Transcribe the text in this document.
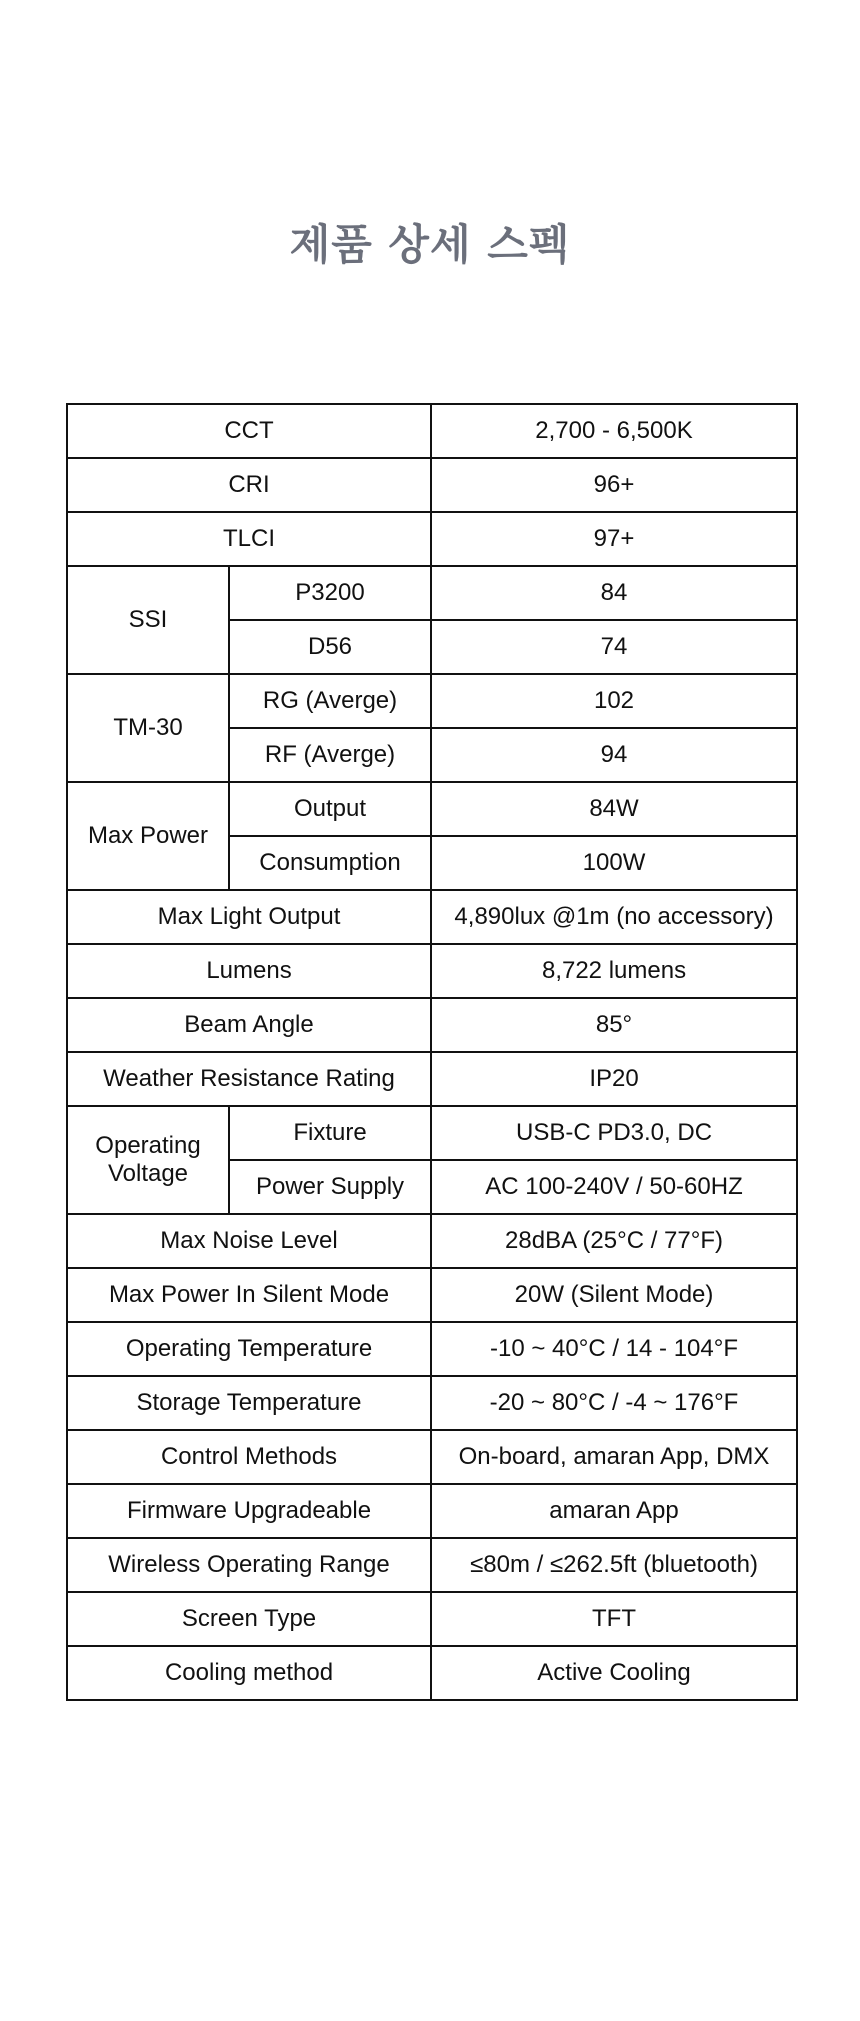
제품 상세 스펙
CCT		2,700 - 6,500K
CRI		96+
TLCI		97+
SSI	P3200	84
	D56	74
TM-30	RG (Averge)	102
	RF (Averge)	94
Max Power	Output	84W
	Consumption	100W
Max Light Output		4,890lux @1m (no accessory)
Lumens		8,722 lumens
Beam Angle		85°
Weather Resistance Rating		IP20
Operating Voltage	Fixture	USB-C PD3.0, DC
	Power Supply	AC 100-240V / 50-60HZ
Max Noise Level		28dBA (25°C / 77°F)
Max Power In Silent Mode		20W (Silent Mode)
Operating Temperature		-10 ~ 40°C / 14 - 104°F
Storage Temperature		-20 ~ 80°C / -4 ~ 176°F
Control Methods		On-board, amaran App, DMX
Firmware Upgradeable		amaran App
Wireless Operating Range		≤80m / ≤262.5ft (bluetooth)
Screen Type		TFT
Cooling method		Active Cooling
